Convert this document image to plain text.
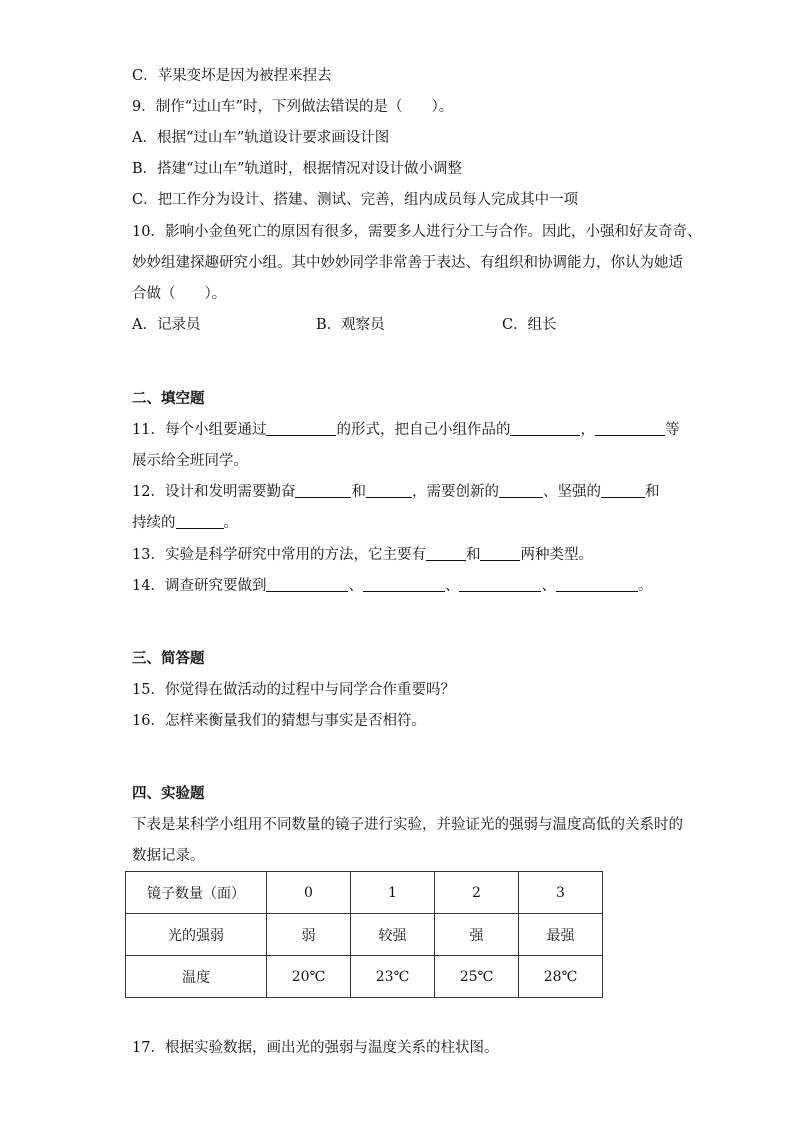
C．苹果变坏是因为被捏来捏去
9．制作“过山车”时，下列做法错误的是（　　）。
A．根据“过山车”轨道设计要求画设计图
B．搭建“过山车”轨道时，根据情况对设计做小调整
C．把工作分为设计、搭建、测试、完善，组内成员每人完成其中一项
10．影响小金鱼死亡的原因有很多，需要多人进行分工与合作。因此，小强和好友奇奇、
妙妙组建探趣研究小组。其中妙妙同学非常善于表达、有组织和协调能力，你认为她适
合做（　　）。
A．记录员	B．观察员	C．组长
二、填空题
11．每个小组要通过	的形式，把自己小组作品的	，	等
展示给全班同学。
12．设计和发明需要勤奋	和	，需要创新的	、坚强的	和
持续的	。
13．实验是科学研究中常用的方法，它主要有	和	两种类型。
14．调查研究要做到	、	、	、	。
三、简答题
15．你觉得在做活动的过程中与同学合作重要吗？
16．怎样来衡量我们的猜想与事实是否相符。
四、实验题
下表是某科学小组用不同数量的镜子进行实验，并验证光的强弱与温度高低的关系时的
数据记录。
镜子数量（面）	0	1	2	3
光的强弱	弱	较强	强	最强
温度	20℃	23℃	25℃	28℃
17．根据实验数据，画出光的强弱与温度关系的柱状图。
